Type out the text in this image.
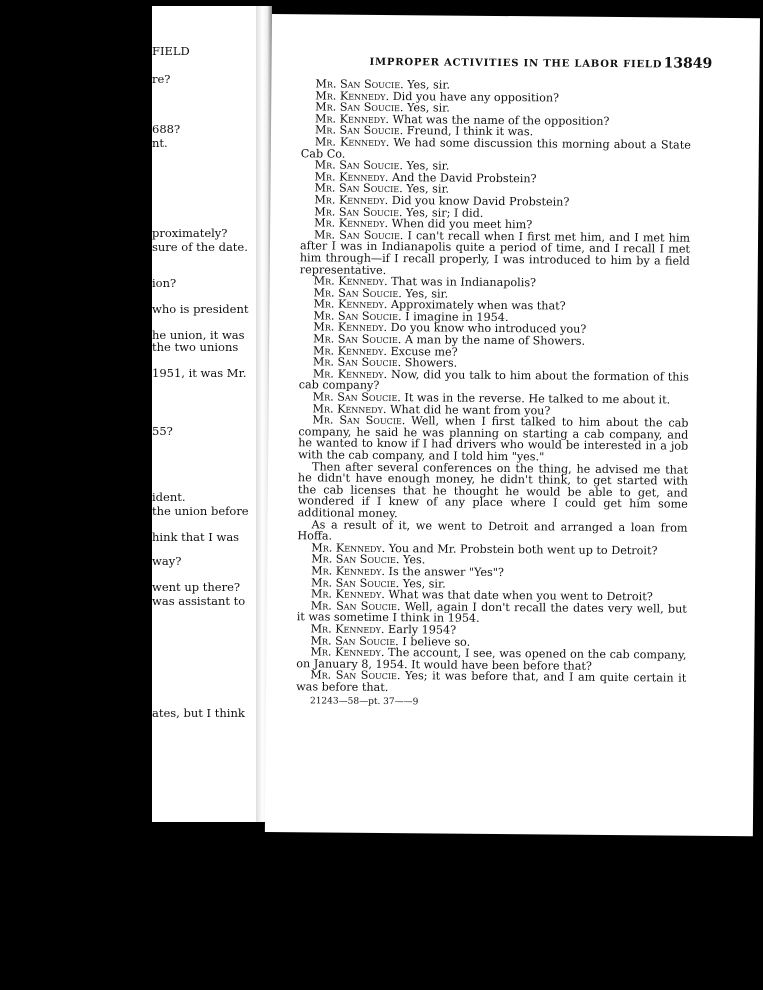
FIELD
re?
688?
nt.
proximately?
sure of the date.
ion?
who is president
he union, it was
the two unions
1951, it was Mr.
55?
ident.
the union before
hink that I was
way?
went up there?
was assistant to
ates, but I think
IMPROPER ACTIVITIES IN THE LABOR FIELD 13849

Mr. San Soucie. Yes, sir.

Mr. Kennedy. Did you have any opposition?

Mr. San Soucie. Yes, sir.

Mr. Kennedy. What was the name of the opposition?

Mr. San Soucie. Freund, I think it was.

Mr. Kennedy. We had some discussion this morning about a State Cab Co.

Mr. San Soucie. Yes, sir.

Mr. Kennedy. And the David Probstein?

Mr. San Soucie. Yes, sir.

Mr. Kennedy. Did you know David Probstein?

Mr. San Soucie. Yes, sir; I did.

Mr. Kennedy. When did you meet him?

Mr. San Soucie. I can't recall when I first met him, and I met him after I was in Indianapolis quite a period of time, and I recall I met him through—if I recall properly, I was introduced to him by a field representative.

Mr. Kennedy. That was in Indianapolis?

Mr. San Soucie. Yes, sir.

Mr. Kennedy. Approximately when was that?

Mr. San Soucie. I imagine in 1954.

Mr. Kennedy. Do you know who introduced you?

Mr. San Soucie. A man by the name of Showers.

Mr. Kennedy. Excuse me?

Mr. San Soucie. Showers.

Mr. Kennedy. Now, did you talk to him about the formation of this cab company?

Mr. San Soucie. It was in the reverse. He talked to me about it.

Mr. Kennedy. What did he want from you?

Mr. San Soucie. Well, when I first talked to him about the cab company, he said he was planning on starting a cab company, and he wanted to know if I had drivers who would be interested in a job with the cab company, and I told him "yes."

Then after several conferences on the thing, he advised me that he didn't have enough money, he didn't think, to get started with the cab licenses that he thought he would be able to get, and wondered if I knew of any place where I could get him some additional money.

As a result of it, we went to Detroit and arranged a loan from Hoffa.

Mr. Kennedy. You and Mr. Probstein both went up to Detroit?

Mr. San Soucie. Yes.

Mr. Kennedy. Is the answer "Yes"?

Mr. San Soucie. Yes, sir.

Mr. Kennedy. What was that date when you went to Detroit?

Mr. San Soucie. Well, again I don't recall the dates very well, but it was sometime I think in 1954.

Mr. Kennedy. Early 1954?

Mr. San Soucie. I believe so.

Mr. Kennedy. The account, I see, was opened on the cab company, on January 8, 1954. It would have been before that?

Mr. San Soucie. Yes; it was before that, and I am quite certain it was before that.

21243—58—pt. 37——9
